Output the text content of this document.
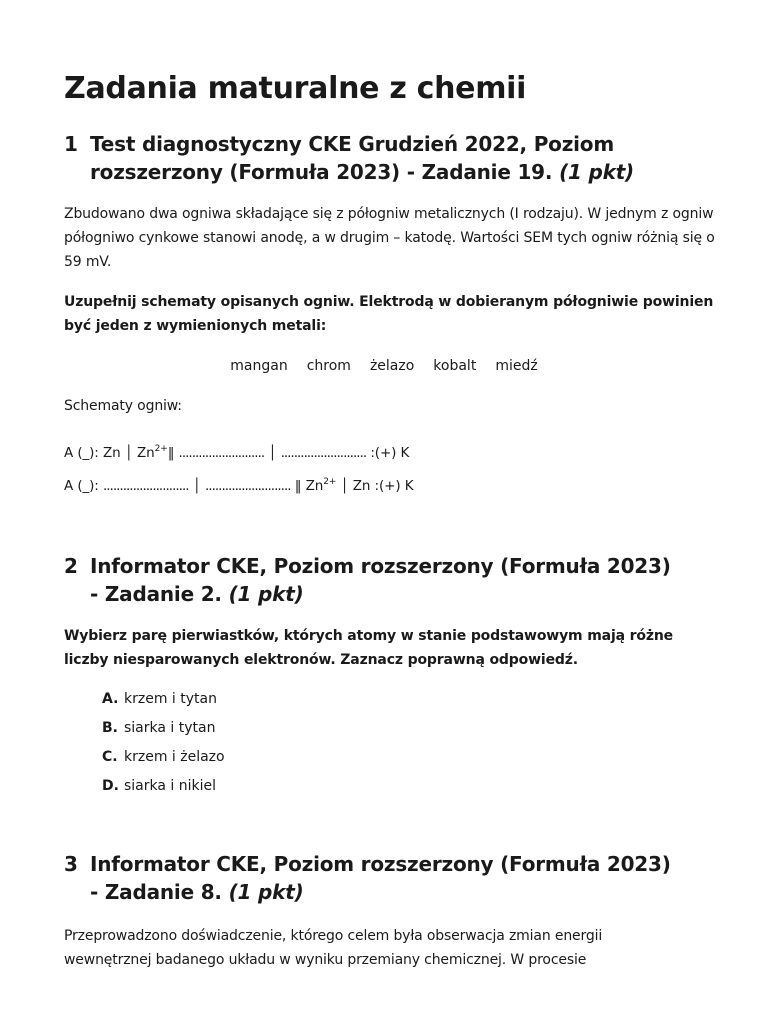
Zadania maturalne z chemii
1 Test diagnostyczny CKE Grudzień 2022, Poziom rozszerzony (Formuła 2023) - Zadanie 19. (1 pkt)

Zbudowano dwa ogniwa składające się z półogniw metalicznych (I rodzaju). W jednym z ogniw półogniwo cynkowe stanowi anodę, a w drugim – katodę. Wartości SEM tych ogniw różnią się o 59 mV.

Uzupełnij schematy opisanych ogniw. Elektrodą w dobieranym półogniwie powinien być jeden z wymienionych metali:

mangan chrom żelazo kobalt miedź

Schematy ogniw:

A (_): Zn │ $Zn^{2+}‖$ .......................... │ .......................... :(+) K
A (_): .......................... │ .......................... ‖ $Zn^{2+}$ │ Zn :(+) K
2 Informator CKE, Poziom rozszerzony (Formuła 2023)
- Zadanie 2. (1 pkt)

Wybierz parę pierwiastków, których atomy w stanie podstawowym mają różne liczby niesparowanych elektronów. Zaznacz poprawną odpowiedź.

A. krzem i tytan
B. siarka i tytan
C. krzem i żelazo
D. siarka i nikiel
3 Informator CKE, Poziom rozszerzony (Formuła 2023)
- Zadanie 8. (1 pkt)

Przeprowadzono doświadczenie, którego celem była obserwacja zmian energii wewnętrznej badanego układu w wyniku przemiany chemicznej. W procesie
